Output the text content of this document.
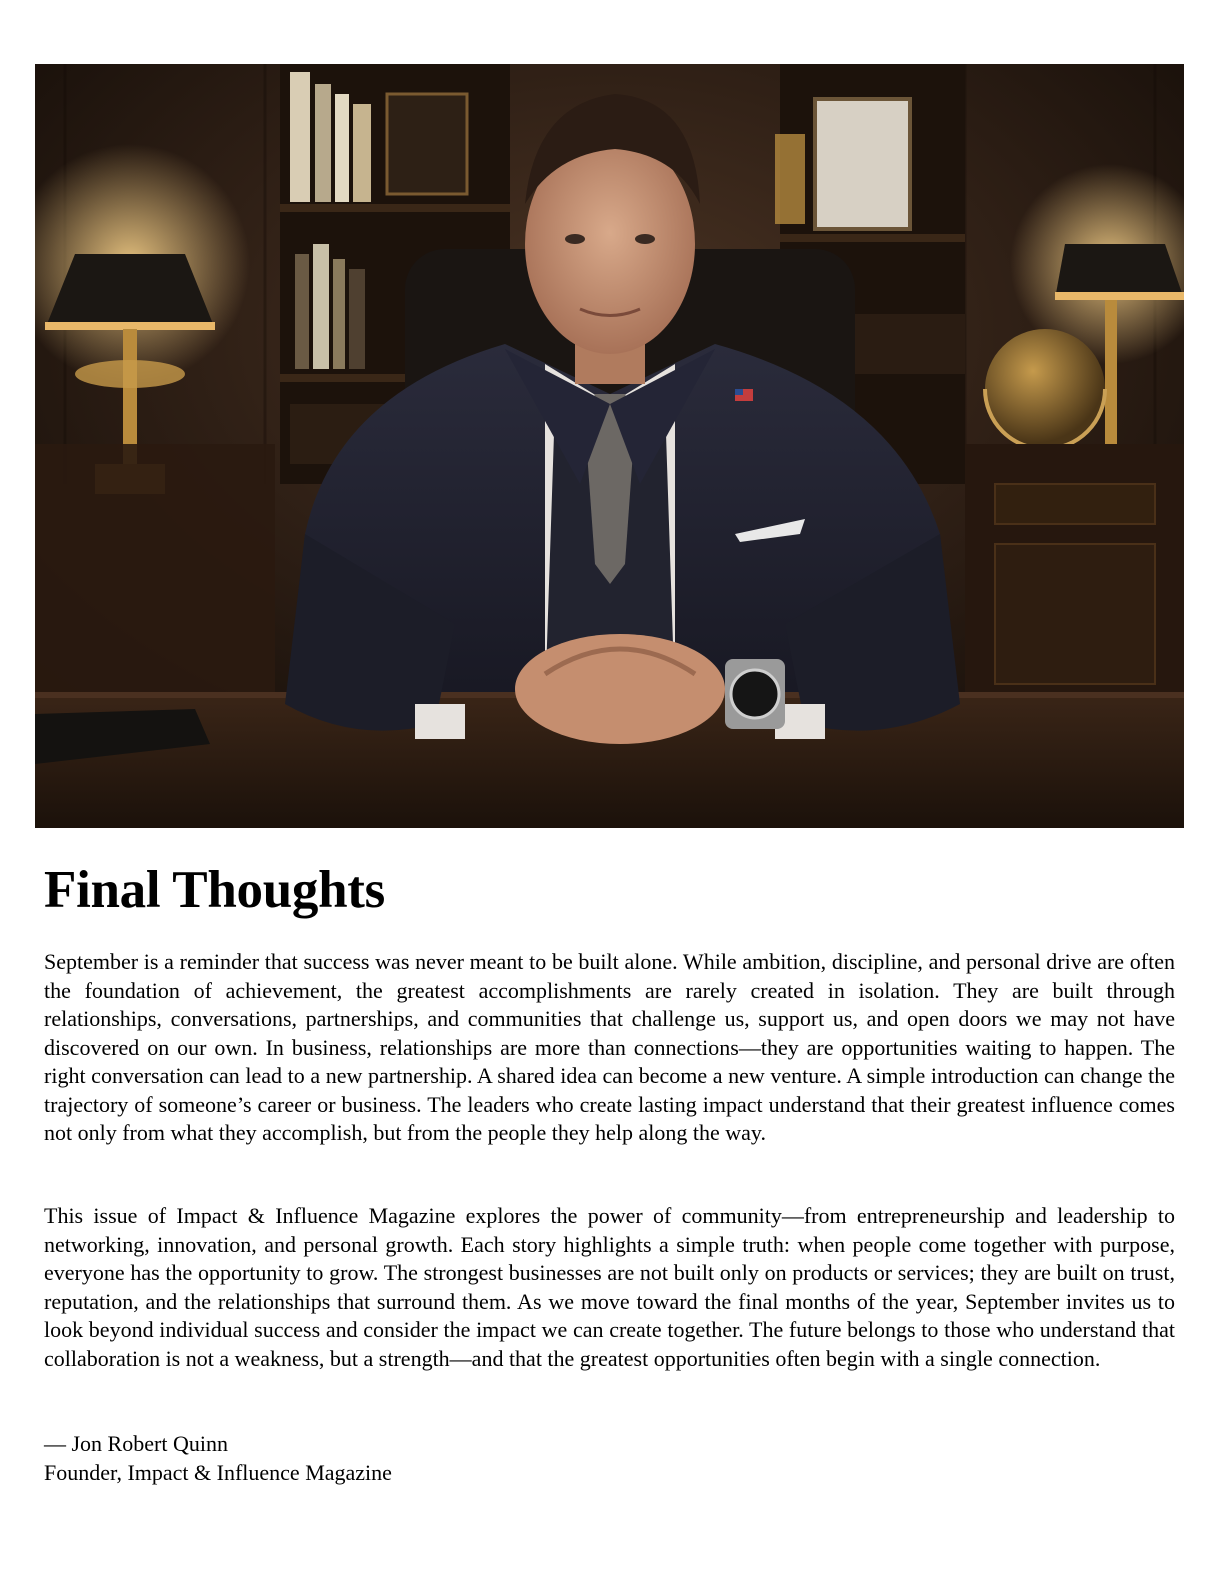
Final Thoughts

September is a reminder that success was never meant to be built alone. While ambition, discipline, and personal drive are often the foundation of achievement, the greatest accomplishments are rarely created in isolation. They are built through relationships, conversations, partnerships, and communities that challenge us, support us, and open doors we may not have discovered on our own. In business, relationships are more than connections—they are opportunities waiting to happen. The right conversation can lead to a new partnership. A shared idea can become a new venture. A simple introduction can change the trajectory of someone’s career or business. The leaders who create lasting impact understand that their greatest influence comes not only from what they accomplish, but from the people they help along the way.

This issue of Impact & Influence Magazine explores the power of community—from entrepreneurship and leadership to networking, innovation, and personal growth. Each story highlights a simple truth: when people come together with purpose, everyone has the opportunity to grow. The strongest businesses are not built only on products or services; they are built on trust, reputation, and the relationships that surround them. As we move toward the final months of the year, September invites us to look beyond individual success and consider the impact we can create together. The future belongs to those who understand that collaboration is not a weakness, but a strength—and that the greatest opportunities often begin with a single connection.

— Jon Robert Quinn
Founder, Impact & Influence Magazine
